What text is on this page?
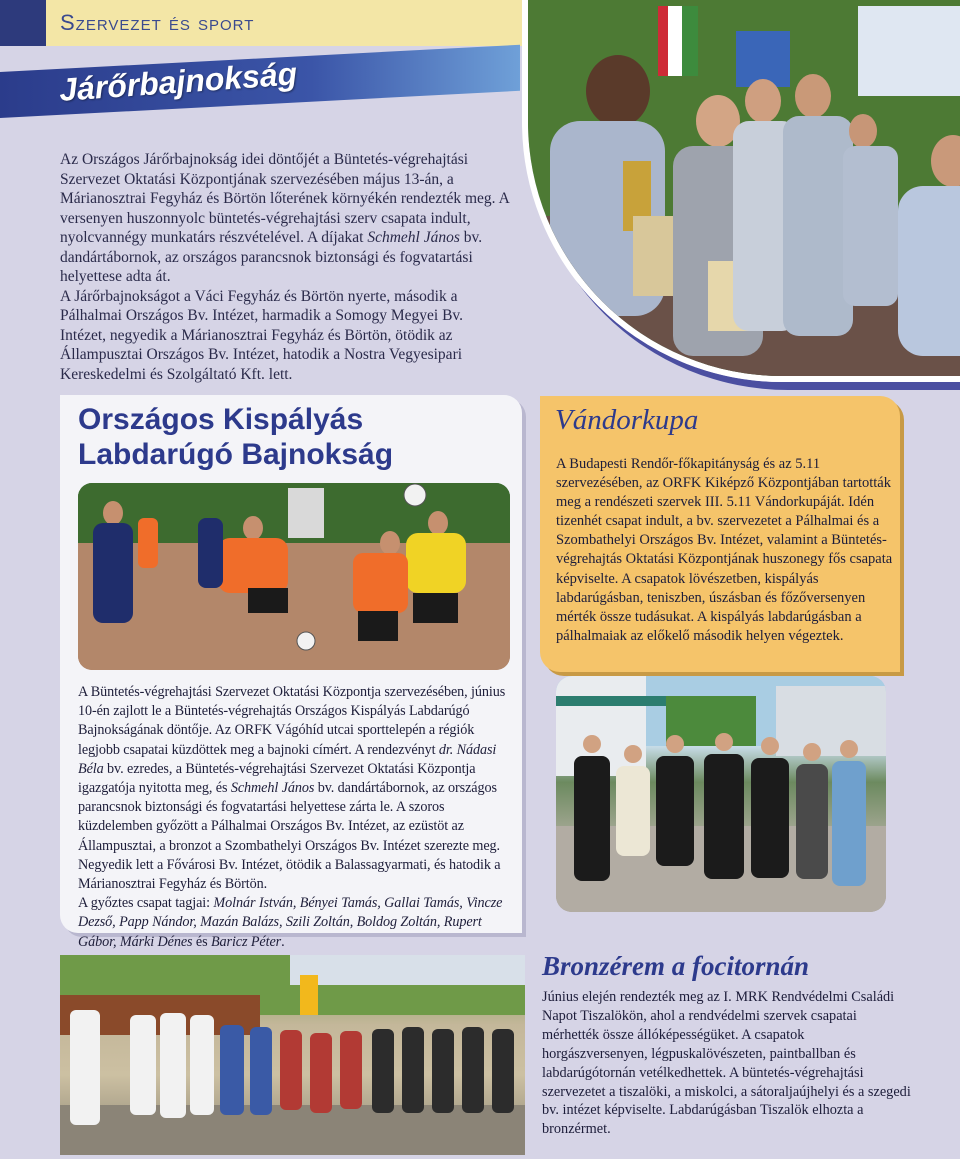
Szervezet és sport
Járőrbajnokság

Az Országos Járőrbajnokság idei döntőjét a Büntetés-végrehajtási Szervezet Oktatási Központjának szervezésében május 13-án, a Márianosztrai Fegyház és Börtön lőterének környékén rendezték meg. A versenyen huszonnyolc büntetés-végrehajtási szerv csapata indult, nyolcvannégy munkatárs részvételével. A díjakat Schmehl János bv. dandártábornok, az országos parancsnok biztonsági és fogvatartási helyettese adta át.

A Járőrbajnokságot a Váci Fegyház és Börtön nyerte, második a Pálhalmai Országos Bv. Intézet, harmadik a Somogy Megyei Bv. Intézet, negyedik a Márianosztrai Fegyház és Börtön, ötödik az Állampusztai Országos Bv. Intézet, hatodik a Nostra Vegyesipari Kereskedelmi és Szolgáltató Kft. lett.

Országos Kispályás Labdarúgó Bajnokság

A Büntetés-végrehajtási Szervezet Oktatási Központja szervezésében, június 10-én zajlott le a Büntetés-végrehajtás Országos Kispályás Labdarúgó Bajnokságának döntője. Az ORFK Vágóhíd utcai sporttelepén a régiók legjobb csapatai küzdöttek meg a bajnoki címért. A rendezvényt dr. Nádasi Béla bv. ezredes, a Büntetés-végrehajtási Szervezet Oktatási Központja igazgatója nyitotta meg, és Schmehl János bv. dandártábornok, az országos parancsnok biztonsági és fogvatartási helyettese zárta le. A szoros küzdelemben győzött a Pálhalmai Országos Bv. Intézet, az ezüstöt az Állampusztai, a bronzot a Szombathelyi Országos Bv. Intézet szerezte meg. Negyedik lett a Fővárosi Bv. Intézet, ötödik a Balassagyarmati, és hatodik a Márianosztrai Fegyház és Börtön.

A győztes csapat tagjai: Molnár István, Bényei Tamás, Gallai Tamás, Vincze Dezső, Papp Nándor, Mazán Balázs, Szili Zoltán, Boldog Zoltán, Rupert Gábor, Márki Dénes és Baricz Péter.

Vándorkupa
A Budapesti Rendőr-főkapitányság és az 5.11 szervezésében, az ORFK Kiképző Központjában tartották meg a rendészeti szervek III. 5.11 Vándorkupáját. Idén tizenhét csapat indult, a bv. szervezetet a Pálhalmai és a Szombathelyi Országos Bv. Intézet, valamint a Büntetés-végrehajtás Oktatási Központjának huszonegy fős csapata képviselte. A csapatok lövészetben, kispályás labdarúgásban, teniszben, úszásban és főzőversenyen mérték össze tudásukat. A kispályás labdarúgásban a pálhalmaiak az előkelő második helyen végeztek.
Bronzérem a focitornán
Június elején rendezték meg az I. MRK Rendvédelmi Családi Napot Tiszalökön, ahol a rendvédelmi szervek csapatai mérhették össze állóképességüket. A csapatok horgászversenyen, légpuskalövészeten, paintballban és labdarúgótornán vetélkedhettek. A büntetés-végrehajtási szervezetet a tiszalöki, a miskolci, a sátoraljaújhelyi és a szegedi bv. intézet képviselte. Labdarúgásban Tiszalök elhozta a bronzérmet.
